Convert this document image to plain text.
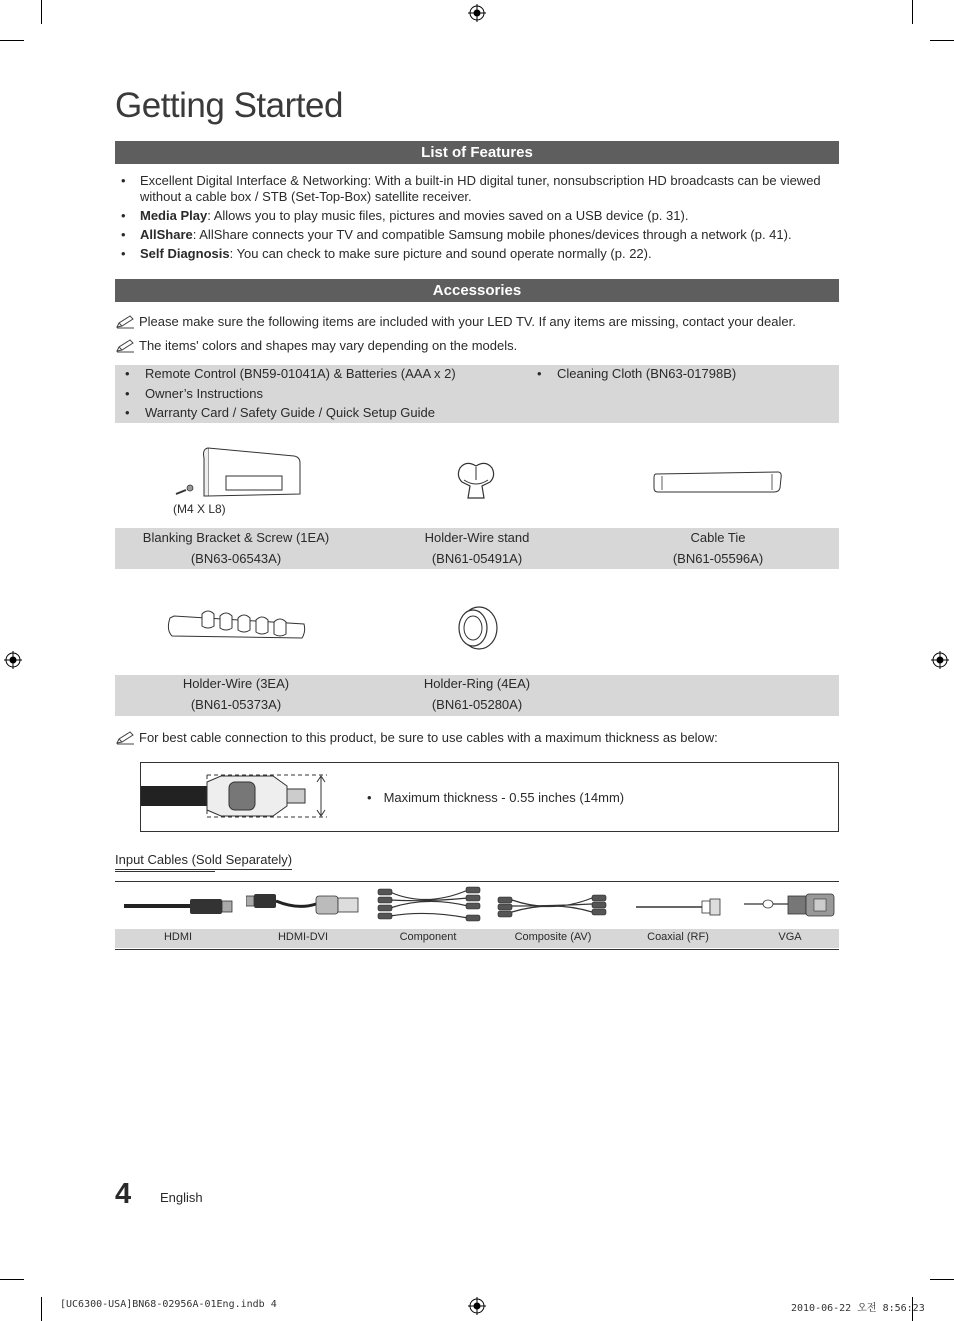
Getting Started
List of Features
• Excellent Digital Interface & Networking: With a built-in HD digital tuner, nonsubscription HD broadcasts can be viewed without a cable box / STB (Set-Top-Box) satellite receiver.
• Media Play: Allows you to play music files, pictures and movies saved on a USB device (p. 31).
• AllShare: AllShare connects your TV and compatible Samsung mobile phones/devices through a network (p. 41).
• Self Diagnosis: You can check to make sure picture and sound operate normally (p. 22).
Accessories
Please make sure the following items are included with your LED TV. If any items are missing, contact your dealer.
The items' colors and shapes may vary depending on the models.
• Remote Control (BN59-01041A) & Batteries (AAA x 2)
• Owner’s Instructions
• Warranty Card / Safety Guide / Quick Setup Guide
• Cleaning Cloth (BN63-01798B)
(M4 X L8)
Blanking Bracket & Screw (1EA)
(BN63-06543A)
Holder-Wire stand
(BN61-05491A)
Cable Tie
(BN61-05596A)
Holder-Wire (3EA)
(BN61-05373A)
Holder-Ring (4EA)
(BN61-05280A)
For best cable connection to this product, be sure to use cables with a maximum thickness as below:
• Maximum thickness - 0.55 inches (14mm)
Input Cables (Sold Separately)
HDMI	HDMI-DVI	Component	Composite (AV)	Coaxial (RF)	VGA
4 English
[UC6300-USA]BN68-02956A-01Eng.indb 4	2010-06-22 오전 8:56:23
